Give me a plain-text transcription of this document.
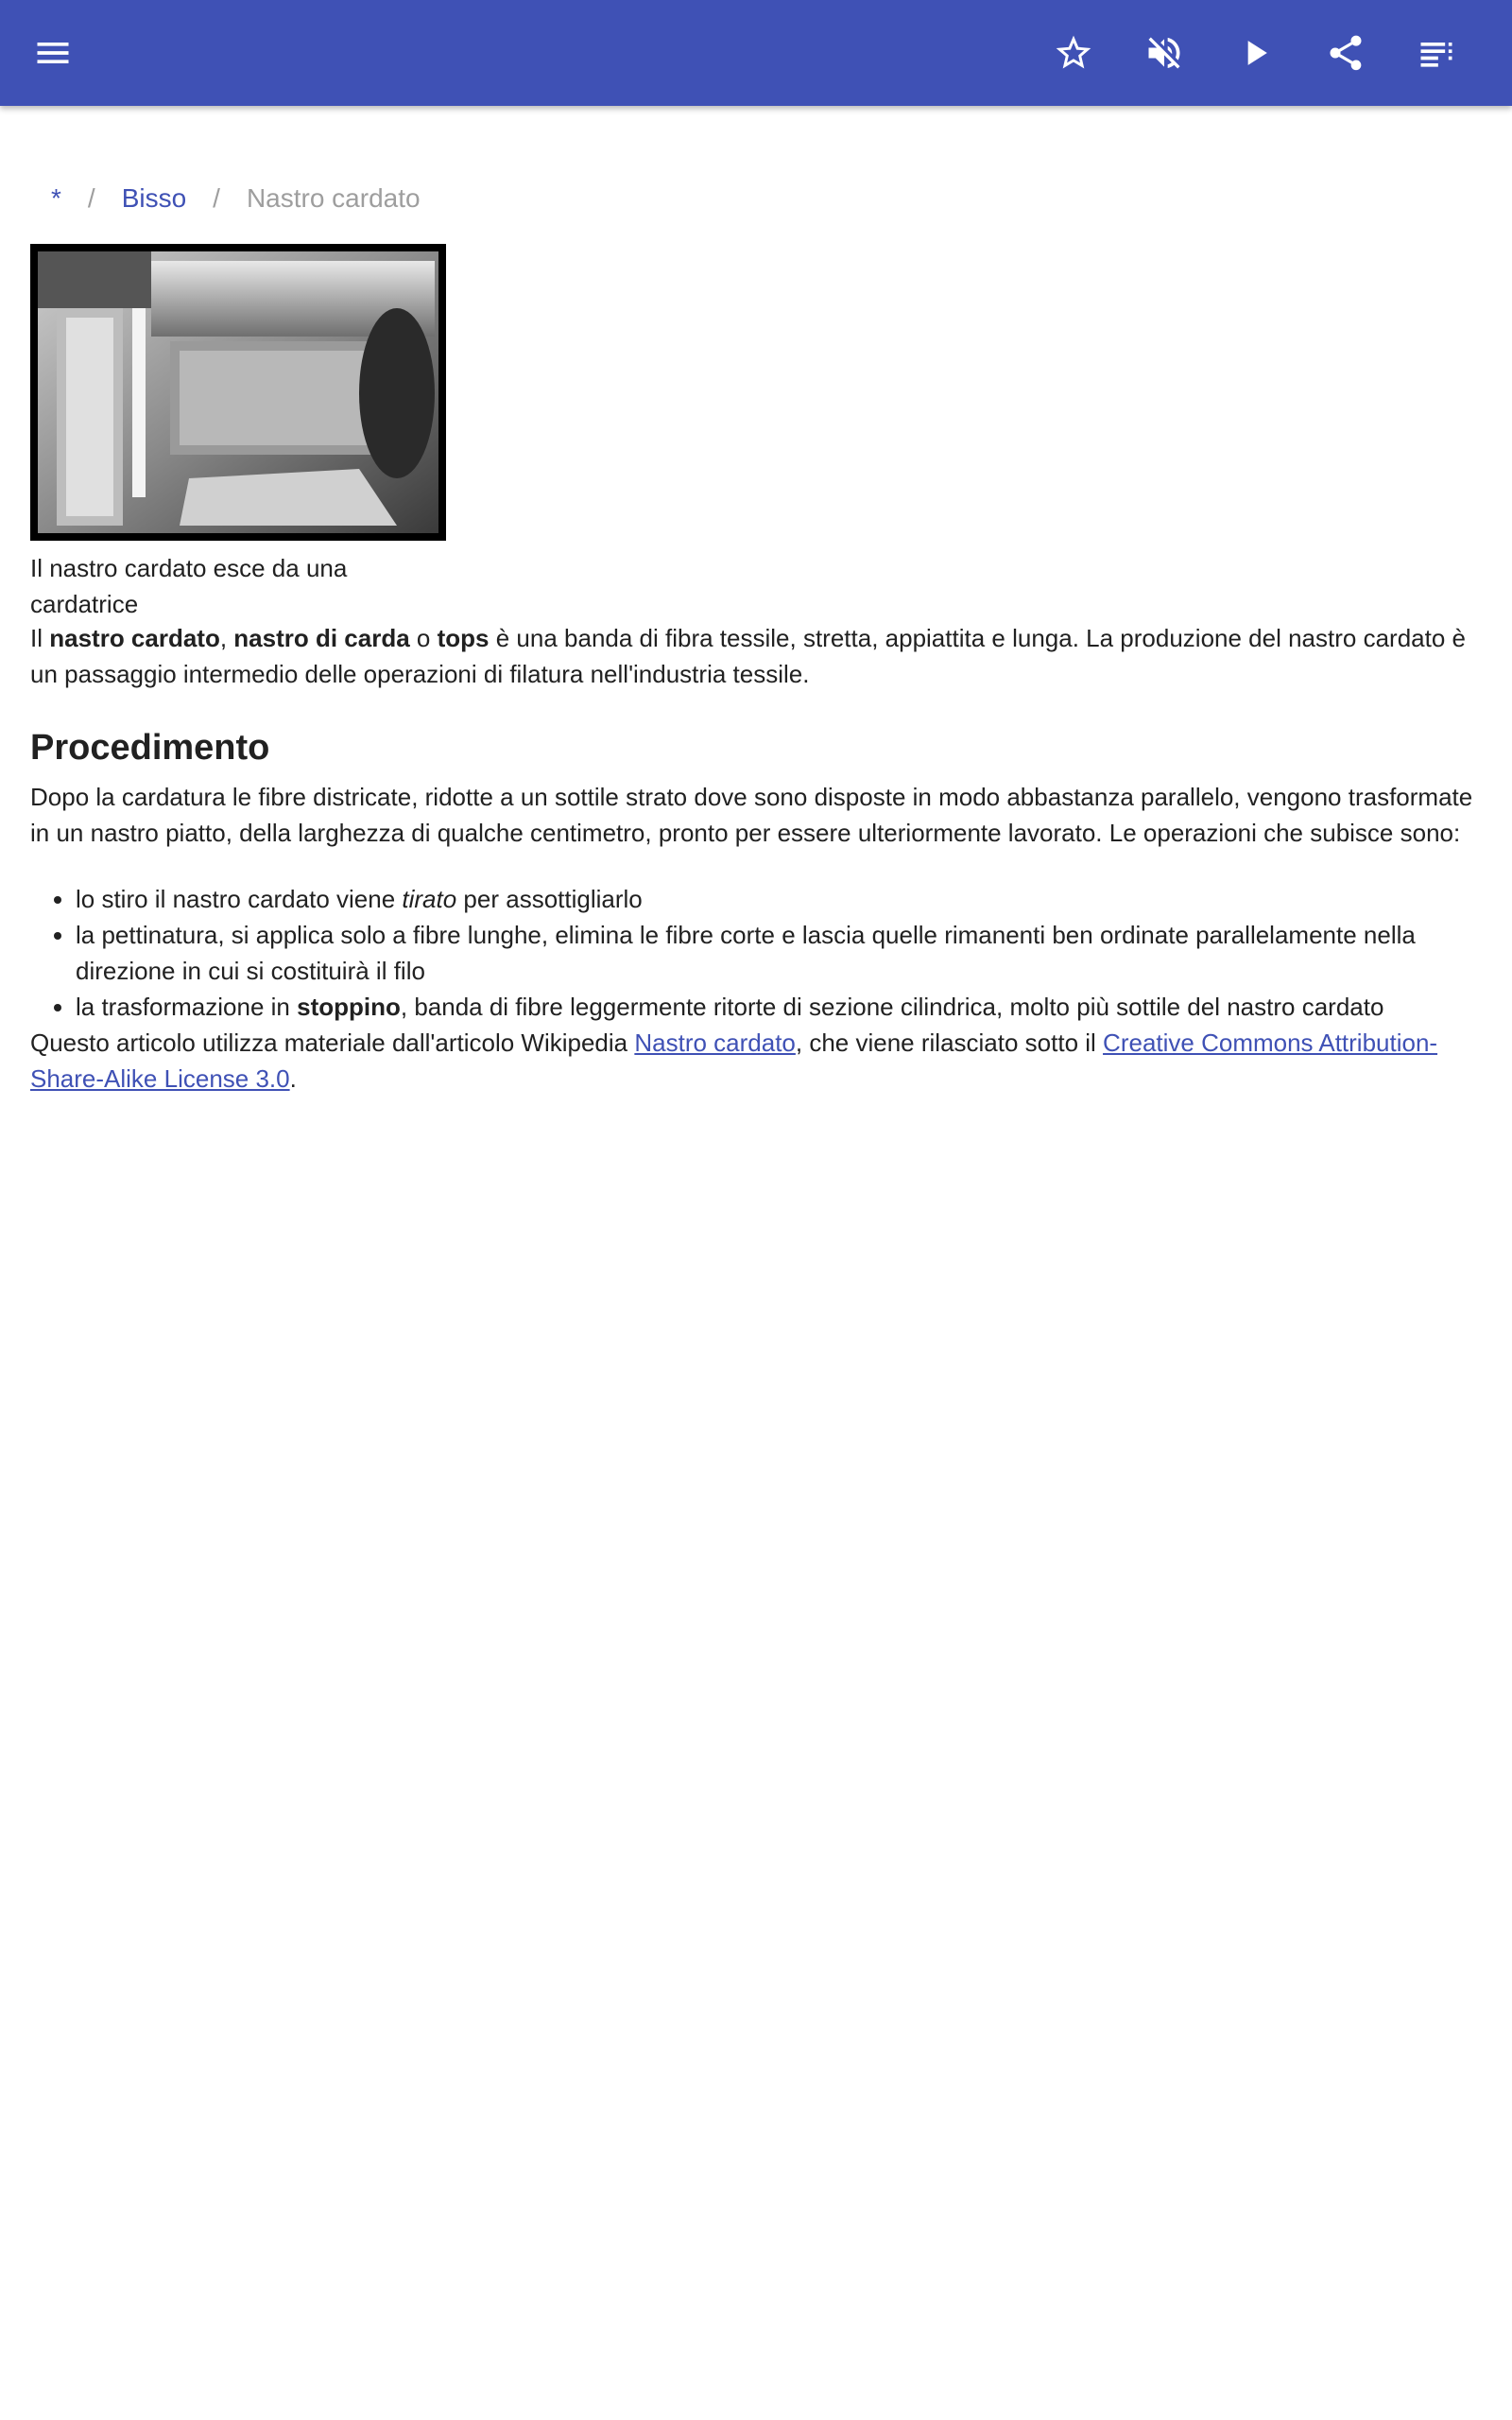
* / Bisso / Nastro cardato
Il nastro cardato esce da una cardatrice

Il nastro cardato, nastro di carda o tops è una banda di fibra tessile, stretta, appiattita e lunga. La produzione del nastro cardato è un passaggio intermedio delle operazioni di filatura nell'industria tessile.

Procedimento

Dopo la cardatura le fibre districate, ridotte a un sottile strato dove sono disposte in modo abbastanza parallelo, vengono trasformate in un nastro piatto, della larghezza di qualche centimetro, pronto per essere ulteriormente lavorato. Le operazioni che subisce sono:

• lo stiro il nastro cardato viene tirato per assottigliarlo
• la pettinatura, si applica solo a fibre lunghe, elimina le fibre corte e lascia quelle rimanenti ben ordinate parallelamente nella direzione in cui si costituirà il filo
• la trasformazione in stoppino, banda di fibre leggermente ritorte di sezione cilindrica, molto più sottile del nastro cardato

Questo articolo utilizza materiale dall'articolo Wikipedia Nastro cardato, che viene rilasciato sotto il Creative Commons Attribution-Share-Alike License 3.0.
